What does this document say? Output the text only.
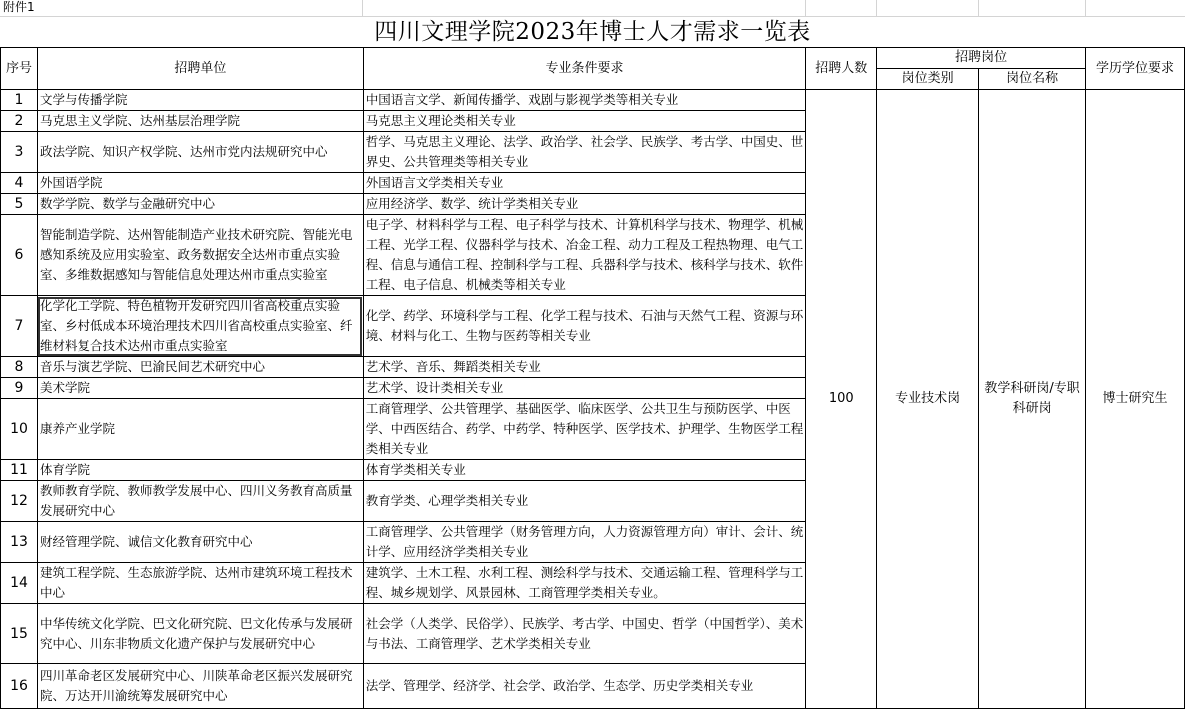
附件1
四川文理学院2023年博士人才需求一览表
序号	招聘单位	专业条件要求	招聘人数	招聘岗位		学历学位要求
				岗位类别	岗位名称	
1	文学与传播学院	中国语言文学、新闻传播学、戏剧与影视学类等相关专业	100	专业技术岗	教学科研岗/专职科研岗	博士研究生
2	马克思主义学院、达州基层治理学院	马克思主义理论类相关专业				
3	政法学院、知识产权学院、达州市党内法规研究中心	哲学、马克思主义理论、法学、政治学、社会学、民族学、考古学、中国史、世界史、公共管理类等相关专业				
4	外国语学院	外国语言文学类相关专业				
5	数学学院、数学与金融研究中心	应用经济学、数学、统计学类相关专业				
6	智能制造学院、达州智能制造产业技术研究院、智能光电感知系统及应用实验室、政务数据安全达州市重点实验室、多维数据感知与智能信息处理达州市重点实验室	电子学、材料科学与工程、电子科学与技术、计算机科学与技术、物理学、机械工程、光学工程、仪器科学与技术、冶金工程、动力工程及工程热物理、电气工程、信息与通信工程、控制科学与工程、兵器科学与技术、核科学与技术、软件工程、电子信息、机械类等相关专业				
7	化学化工学院、特色植物开发研究四川省高校重点实验室、乡村低成本环境治理技术四川省高校重点实验室、纤维材料复合技术达州市重点实验室	化学、药学、环境科学与工程、化学工程与技术、石油与天然气工程、资源与环境、材料与化工、生物与医药等相关专业				
8	音乐与演艺学院、巴渝民间艺术研究中心	艺术学、音乐、舞蹈类相关专业				
9	美术学院	艺术学、设计类相关专业				
10	康养产业学院	工商管理学、公共管理学、基础医学、临床医学、公共卫生与预防医学、中医学、中西医结合、药学、中药学、特种医学、医学技术、护理学、生物医学工程类相关专业				
11	体育学院	体育学类相关专业				
12	教师教育学院、教师教学发展中心、四川义务教育高质量发展研究中心	教育学类、心理学类相关专业				
13	财经管理学院、诚信文化教育研究中心	工商管理学、公共管理学（财务管理方向，人力资源管理方向）审计、会计、统计学、应用经济学类相关专业				
14	建筑工程学院、生态旅游学院、达州市建筑环境工程技术中心	建筑学、土木工程、水利工程、测绘科学与技术、交通运输工程、管理科学与工程、城乡规划学、风景园林、工商管理学类相关专业。				
15	中华传统文化学院、巴文化研究院、巴文化传承与发展研究中心、川东非物质文化遗产保护与发展研究中心	社会学（人类学、民俗学）、民族学、考古学、中国史、哲学（中国哲学）、美术与书法、工商管理学、艺术学类相关专业				
16	四川革命老区发展研究中心、川陕革命老区振兴发展研究院、万达开川渝统筹发展研究中心	法学、管理学、经济学、社会学、政治学、生态学、历史学类相关专业				
